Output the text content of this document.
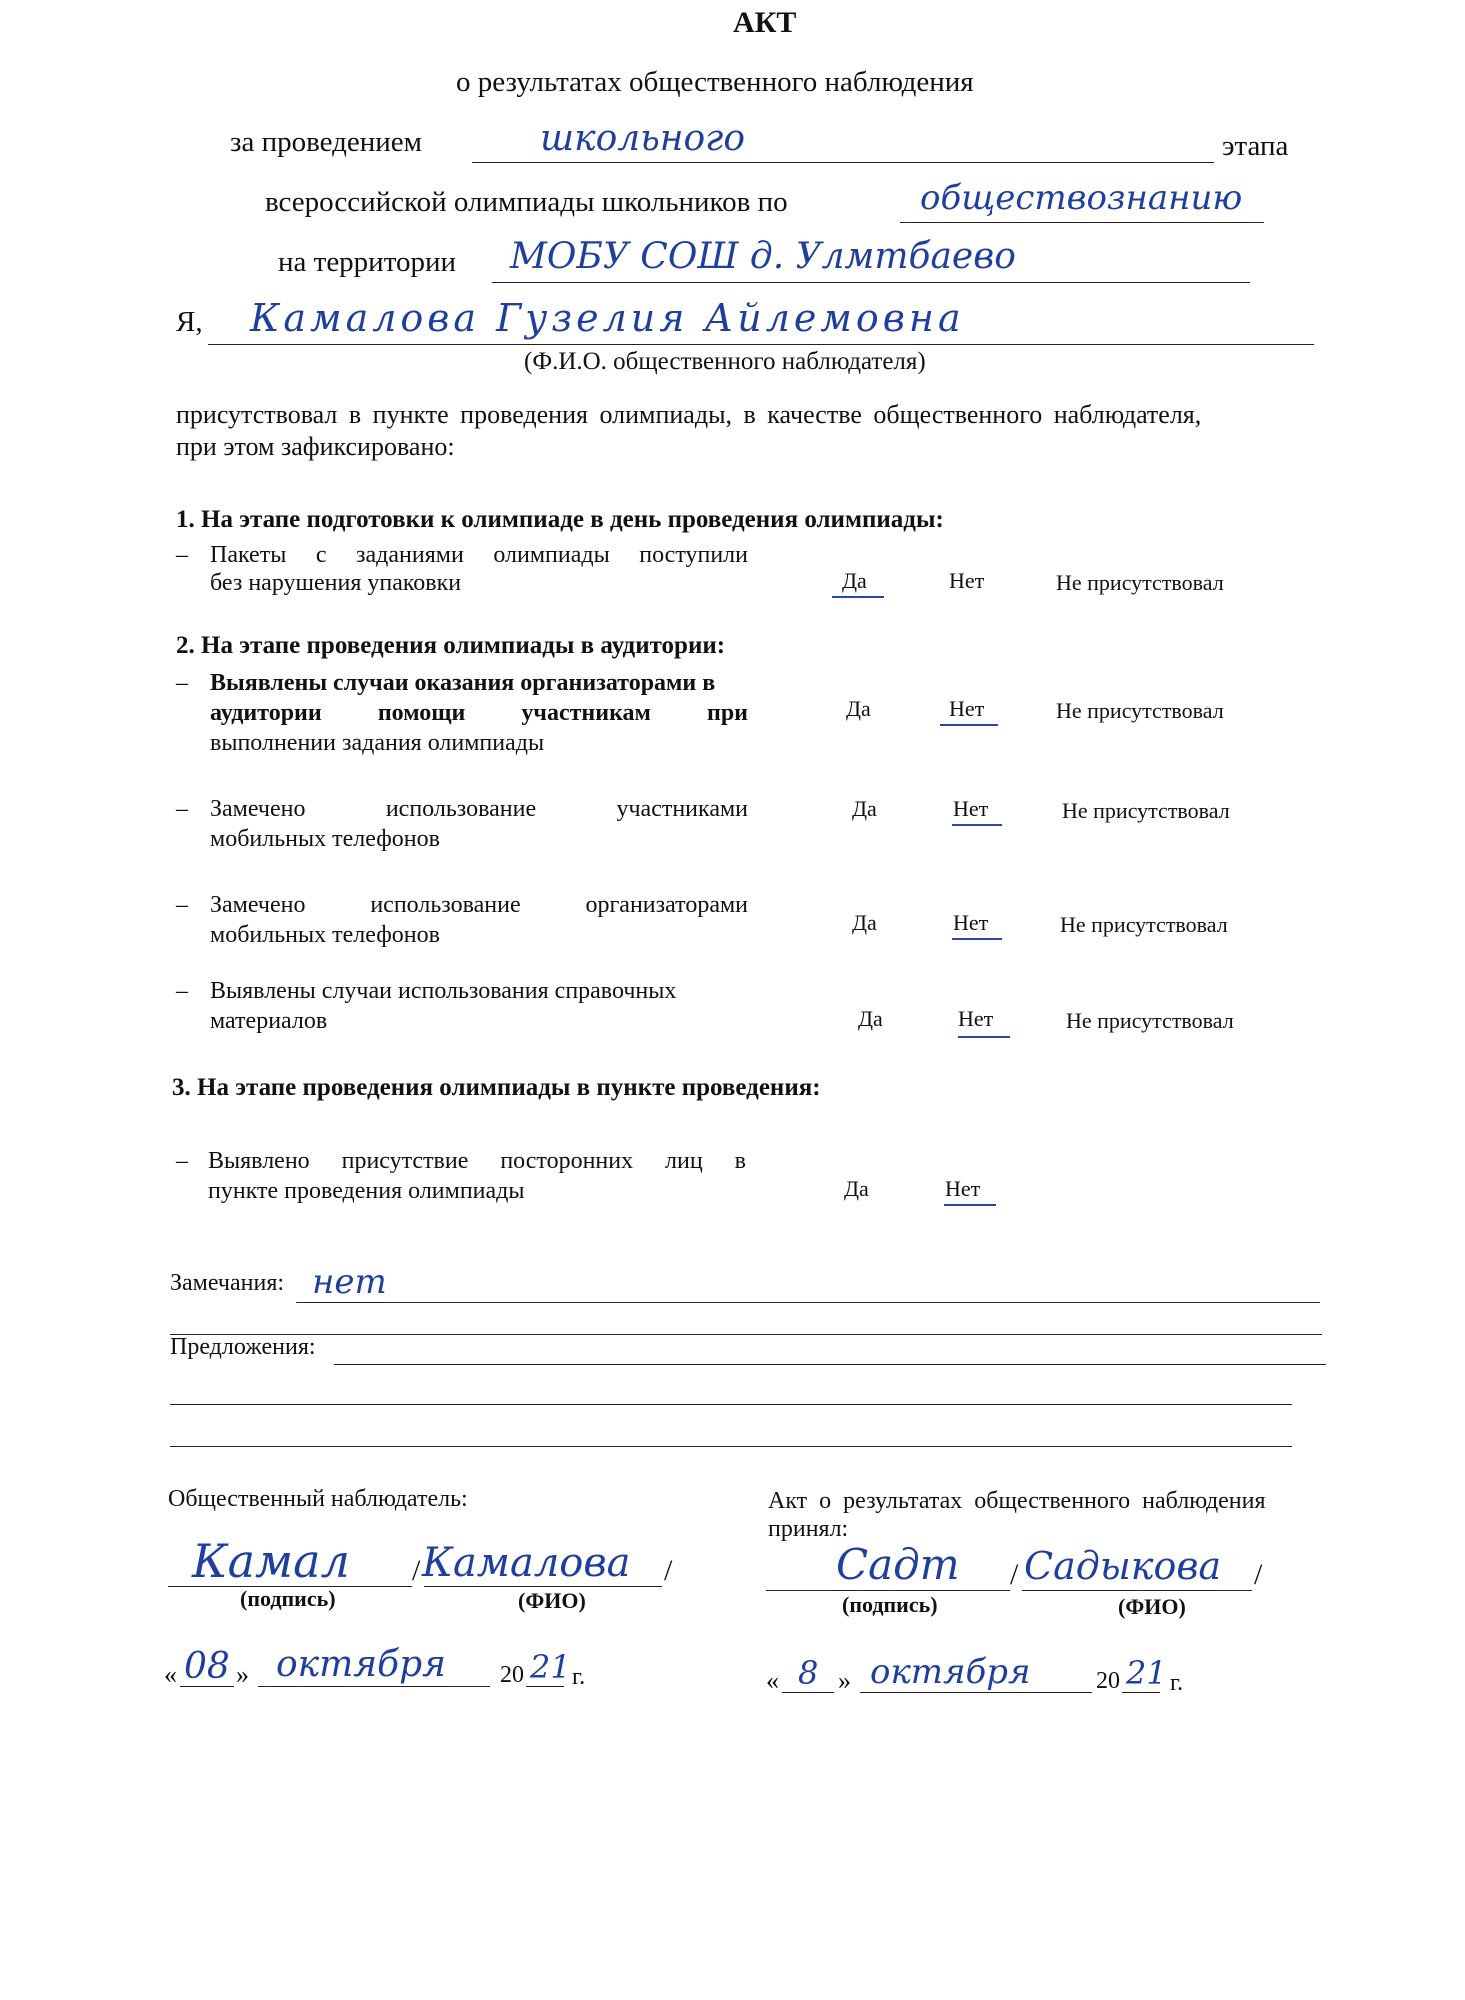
АКТ
о результатах общественного наблюдения
за проведением	школьного	этапа
всероссийской олимпиады школьников по	обществознанию
на территории МОБУ СОШ д. Улмтбаево
Я, Камалова Гузелия Айлемовна
(Ф.И.О. общественного наблюдателя)
присутствовал в пункте проведения олимпиады, в качестве общественного наблюдателя,
при этом зафиксировано:
1. На этапе подготовки к олимпиаде в день проведения олимпиады:
– Пакеты с заданиями олимпиады поступили
без нарушения упаковки	Да	Нет	Не присутствовал
2. На этапе проведения олимпиады в аудитории:
– Выявлены случаи оказания организаторами в
аудитории помощи участникам при
выполнении задания олимпиады
Да	Нет	Не присутствовал
– Замечено использование участниками
мобильных телефонов
Да	Нет	Не присутствовал
– Замечено использование организаторами
мобильных телефонов	Да	Нет	Не присутствовал
– Выявлены случаи использования справочных
материалов	Да	Нет	Не присутствовал
3. На этапе проведения олимпиады в пункте проведения:
– Выявлено присутствие посторонних лиц в
пункте проведения олимпиады	Да	Нет
Замечания: нет
Предложения:
Общественный наблюдатель:
Камал / Камалова /
(подпись)	(ФИО)
« 08 » октября 20 21 г.
Акт о результатах общественного наблюдения
принял:
Садт / Садыкова /
(подпись)	(ФИО)
« 8 » октября	20 21 г.
